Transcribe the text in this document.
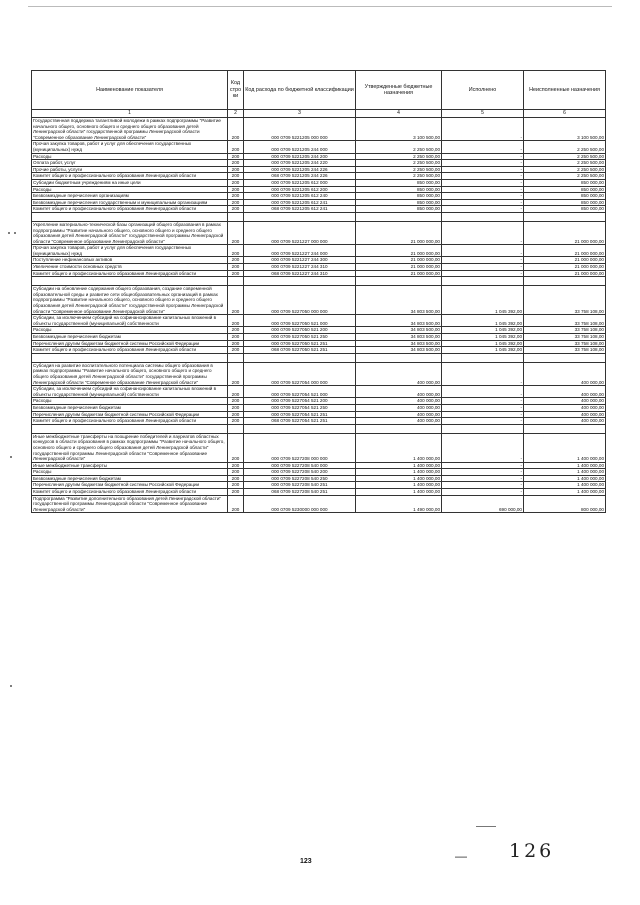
Наименование показателя	Код стро ки	Код расхода по бюджетной классификации	Утвержденные бюджетные назначения	Исполнено	Неисполненные назначения
1	2	3	4	5	6
Государственная поддержка талантливой молодежи в рамках подпрограммы "Развитие начального общего, основного общего и среднего общего образования детей Ленинградской области" государственной программы Ленинградской области "Современное образование Ленинградской области"	200	000 0709 5221205 000 000	3 100 500,00	-	3 100 500,00
Прочая закупка товаров, работ и услуг для обеспечения государственных (муниципальных) нужд	200	000 0709 5221205 244 000	2 250 500,00	-	2 250 500,00
Расходы	200	000 0709 5221205 244 200	2 250 500,00	-	2 250 500,00
Оплата работ, услуг	200	000 0709 5221205 244 220	2 250 500,00	-	2 250 500,00
Прочие работы, услуги	200	000 0709 5221205 244 226	2 250 500,00	-	2 250 500,00
Комитет общего и профессионального образования Ленинградской области	200	068 0709 5221205 244 226	2 250 500,00	-	2 250 500,00
Субсидии бюджетным учреждениям на иные цели	200	000 0709 5221205 612 000	850 000,00	-	850 000,00
Расходы	200	000 0709 5221205 612 200	850 000,00	-	850 000,00
Безвозмездные перечисления организациям	200	000 0709 5221205 612 240	850 000,00	-	850 000,00
Безвозмездные перечисления государственным и муниципальным организациям	200	000 0709 5221205 612 241	850 000,00	-	850 000,00
Комитет общего и профессионального образования Ленинградской области	200	068 0709 5221205 612 241	850 000,00	-	850 000,00

Укрепление материально-технической базы организаций общего образования в рамках подпрограммы "Развитие начального общего, основного общего и среднего общего образования детей Ленинградской области" государственной программы Ленинградской области "Современное образование Ленинградской области"	200	000 0709 5221227 000 000	21 000 000,00	-	21 000 000,00
Прочая закупка товаров, работ и услуг для обеспечения государственных (муниципальных) нужд	200	000 0709 5221227 244 000	21 000 000,00	-	21 000 000,00
Поступление нефинансовых активов	200	000 0709 5221227 244 300	21 000 000,00	-	21 000 000,00
Увеличение стоимости основных средств	200	000 0709 5221227 244 310	21 000 000,00	-	21 000 000,00
Комитет общего и профессионального образования Ленинградской области	200	068 0709 5221227 244 310	21 000 000,00	-	21 000 000,00

Субсидии на обновление содержания общего образования, создание современной образовательной среды и развитие сети общеобразовательных организаций в рамках подпрограммы "Развитие начального общего, основного общего и среднего общего образования детей Ленинградской области" государственной программы Ленинградской области "Современное образование Ленинградской области"	200	000 0709 5227050 000 000	34 803 500,00	1 045 392,00	33 758 108,00
Субсидии, за исключением субсидий на софинансирование капитальных вложений в объекты государственной (муниципальной) собственности	200	000 0709 5227050 521 000	34 803 500,00	1 045 392,00	33 758 108,00
Расходы	200	000 0709 5227050 521 200	34 803 500,00	1 045 392,00	33 758 108,00
Безвозмездные перечисления бюджетам	200	000 0709 5227050 521 250	34 803 500,00	1 045 392,00	33 758 108,00
Перечисления другим бюджетам бюджетной системы Российской Федерации	200	000 0709 5227050 521 251	34 803 500,00	1 045 392,00	33 758 108,00
Комитет общего и профессионального образования Ленинградской области	200	068 0709 5227050 521 251	34 803 500,00	1 045 392,00	33 758 108,00

Субсидия на развитие воспитательного потенциала системы общего образования в рамках подпрограммы "Развитие начального общего, основного общего и среднего общего образования детей Ленинградской области" государственной программы Ленинградской области "Современное образование Ленинградской области"	200	000 0709 5227054 000 000	400 000,00	-	400 000,00
Субсидии, за исключением субсидий на софинансирование капитальных вложений в объекты государственной (муниципальной) собственности	200	000 0709 5227054 521 000	400 000,00	-	400 000,00
Расходы	200	000 0709 5227054 521 200	400 000,00	-	400 000,00
Безвозмездные перечисления бюджетам	200	000 0709 5227054 521 250	400 000,00	-	400 000,00
Перечисления другим бюджетам бюджетной системы Российской Федерации	200	000 0709 5227054 521 251	400 000,00	-	400 000,00
Комитет общего и профессионального образования Ленинградской области	200	068 0709 5227054 521 251	400 000,00	-	400 000,00

Иные межбюджетные трансферты на поощрение победителей и лауреатов областных конкурсов в области образования в рамках подпрограммы "Развитие начального общего, основного общего и среднего общего образования детей Ленинградской области" государственной программы Ленинградской области "Современное образование Ленинградской области"	200	000 0709 5227208 000 000	1 400 000,00	-	1 400 000,00
Иные межбюджетные трансферты	200	000 0709 5227208 540 000	1 400 000,00	-	1 400 000,00
Расходы	200	000 0709 5227208 540 200	1 400 000,00	-	1 400 000,00
Безвозмездные перечисления бюджетам	200	000 0709 5227208 540 250	1 400 000,00	-	1 400 000,00
Перечисления другим бюджетам бюджетной системы Российской Федерации	200	000 0709 5227208 540 251	1 400 000,00	-	1 400 000,00
Комитет общего и профессионального образования Ленинградской области	200	068 0709 5227208 540 251	1 400 000,00	-	1 400 000,00
Подпрограмма "Развитие дополнительного образования детей Ленинградской области" государственной программы Ленинградской области "Современное образование Ленинградской области"	200	000 0709 5230000 000 000	1 490 000,00	690 000,00	800 000,00
— 126
123
